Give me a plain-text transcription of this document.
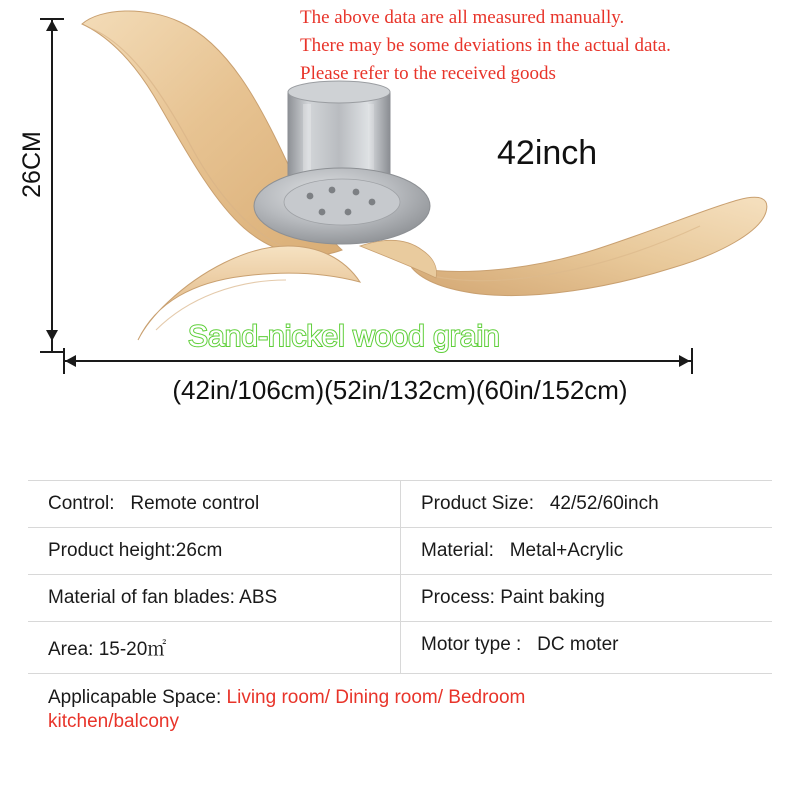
The above data are all measured manually.
There may be some deviations in the actual data.
Please refer to the received goods
42inch
26CM
Sand-nickel wood grain
(42in/106cm)(52in/132cm)(60in/152cm)
Control: Remote control	Product Size: 42/52/60inch
Product height:26cm	Material: Metal+Acrylic
Material of fan blades: ABS	Process: Paint baking
Area: 15-20㎡	Motor type : DC moter
Applicapable Space: Living room/ Dining room/ Bedroom
kitchen/balcony
